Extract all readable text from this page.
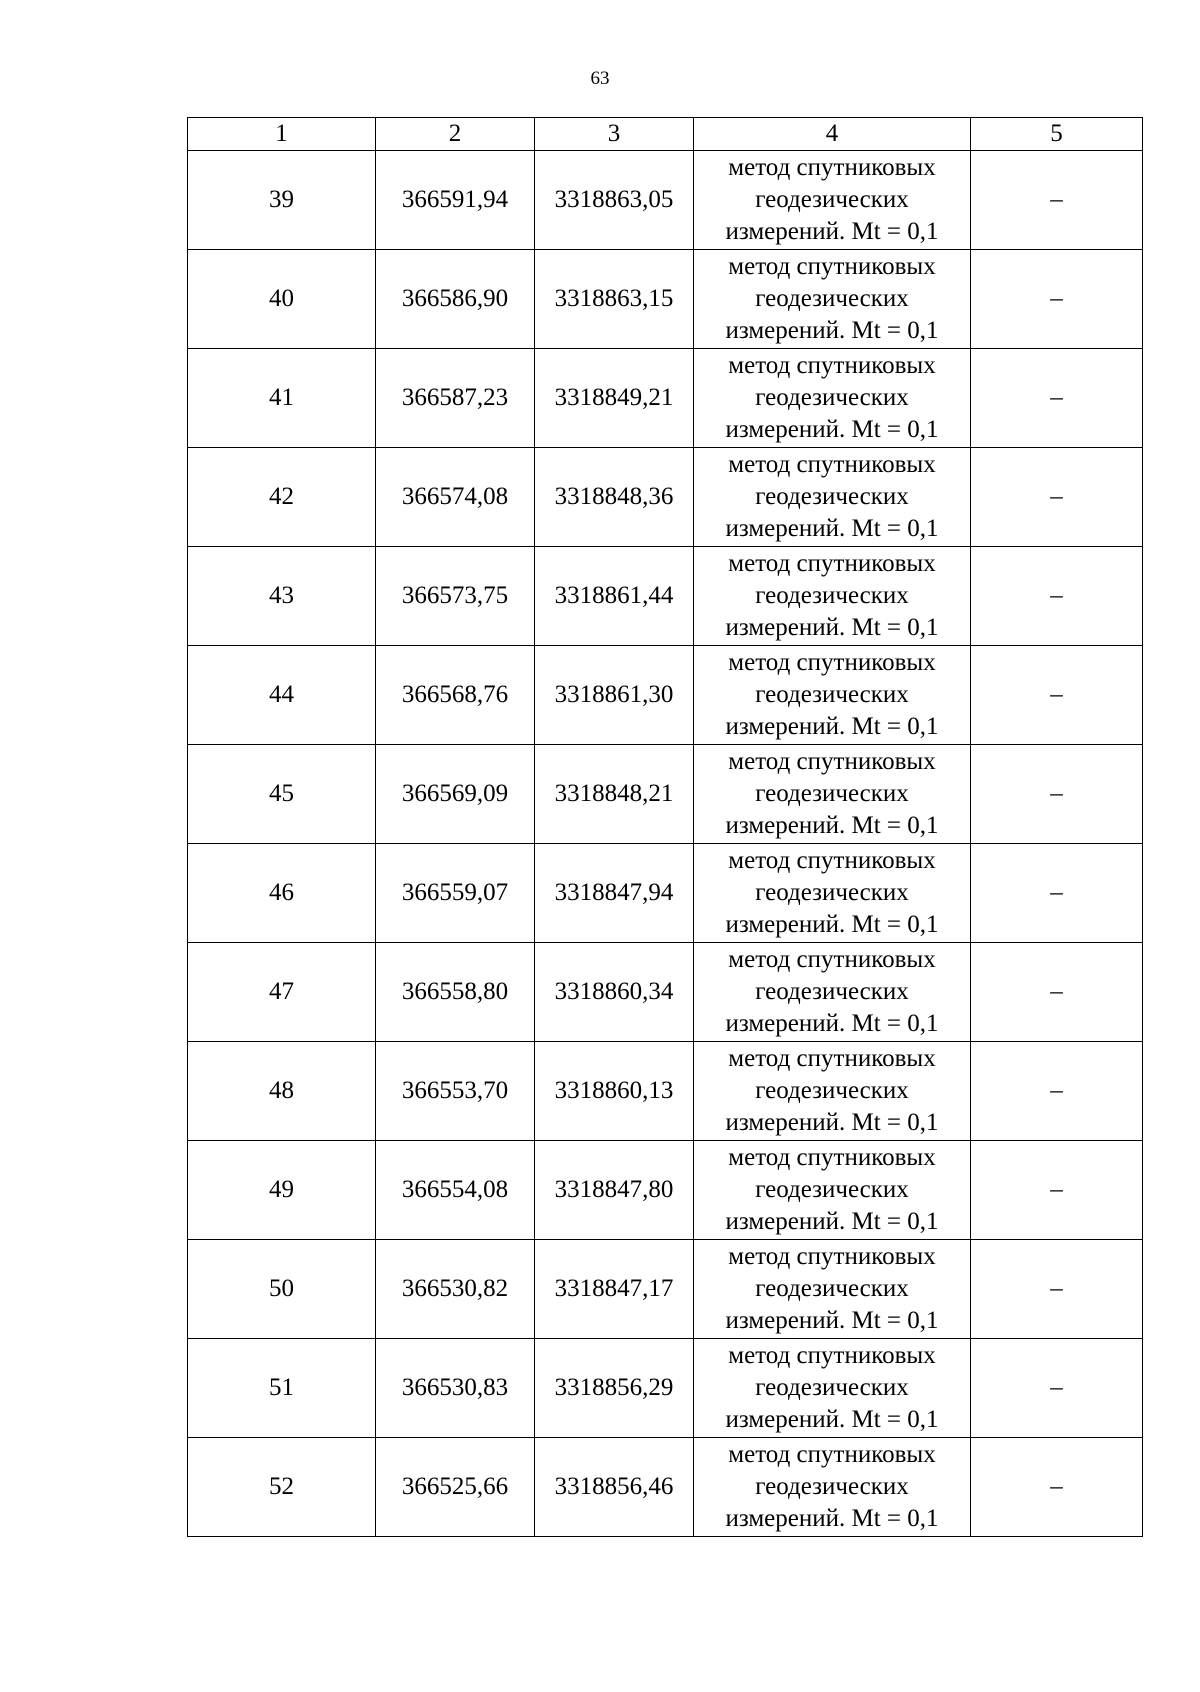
63
1	2	3	4	5
39	366591,94	3318863,05	метод спутниковых
геодезических
измерений. Mt = 0,1	–
40	366586,90	3318863,15	метод спутниковых
геодезических
измерений. Mt = 0,1	–
41	366587,23	3318849,21	метод спутниковых
геодезических
измерений. Mt = 0,1	–
42	366574,08	3318848,36	метод спутниковых
геодезических
измерений. Mt = 0,1	–
43	366573,75	3318861,44	метод спутниковых
геодезических
измерений. Mt = 0,1	–
44	366568,76	3318861,30	метод спутниковых
геодезических
измерений. Mt = 0,1	–
45	366569,09	3318848,21	метод спутниковых
геодезических
измерений. Mt = 0,1	–
46	366559,07	3318847,94	метод спутниковых
геодезических
измерений. Mt = 0,1	–
47	366558,80	3318860,34	метод спутниковых
геодезических
измерений. Mt = 0,1	–
48	366553,70	3318860,13	метод спутниковых
геодезических
измерений. Mt = 0,1	–
49	366554,08	3318847,80	метод спутниковых
геодезических
измерений. Mt = 0,1	–
50	366530,82	3318847,17	метод спутниковых
геодезических
измерений. Mt = 0,1	–
51	366530,83	3318856,29	метод спутниковых
геодезических
измерений. Mt = 0,1	–
52	366525,66	3318856,46	метод спутниковых
геодезических
измерений. Mt = 0,1	–
